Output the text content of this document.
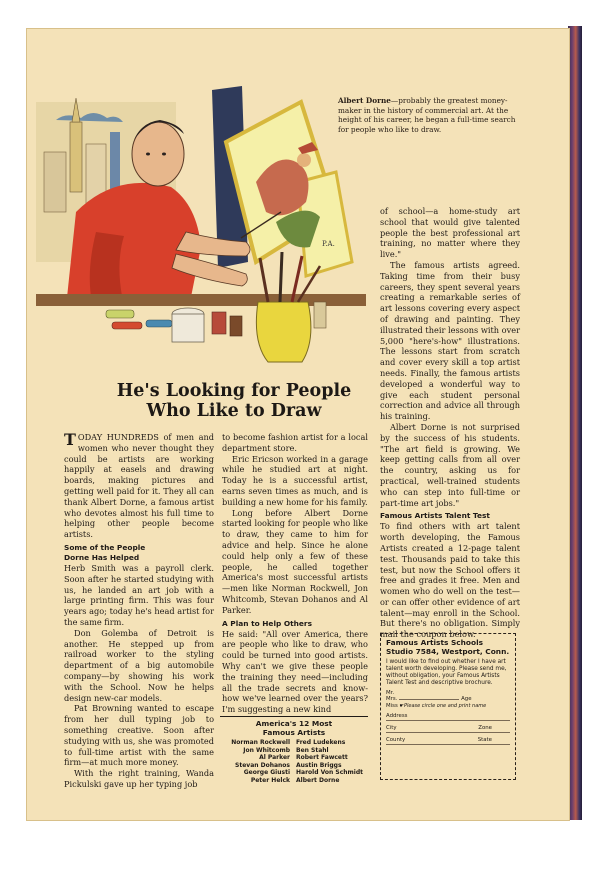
P.A.
Albert Dorne—probably the greatest money-maker in the history of commercial art. At the height of his career, he began a full-time search for people who like to draw.
He's Looking for People
Who Like to Draw

TODAY HUNDREDS of men and women who never thought they could be artists are working happily at easels and drawing boards, making pictures and getting well paid for it. They all can thank Albert Dorne, a famous artist who devotes almost his full time to helping other people become artists.

Some of the People
Dorne Has Helped

Herb Smith was a payroll clerk. Soon after he started studying with us, he landed an art job with a large printing firm. This was four years ago; today he's head artist for the same firm.

Don Golemba of Detroit is another. He stepped up from railroad worker to the styling department of a big automobile company—by showing his work with the School. Now he helps design new-car models.

Pat Browning wanted to escape from her dull typing job to something creative. Soon after studying with us, she was promoted to full-time artist with the same firm—at much more money.

With the right training, Wanda Pickulski gave up her typing job

to become fashion artist for a local department store.

Eric Ericson worked in a garage while he studied art at night. Today he is a successful artist, earns seven times as much, and is building a new home for his family.

Long before Albert Dorne started looking for people who like to draw, they came to him for advice and help. Since he alone could help only a few of these people, he called together America's most successful artists—men like Norman Rockwell, Jon Whitcomb, Stevan Dohanos and Al Parker.

A Plan to Help Others

He said: "All over America, there are people who like to draw, who could be turned into good artists. Why can't we give these people the training they need—including all the trade secrets and know-how we've learned over the years? I'm suggesting a new kind

America's 12 Most
Famous Artists
Norman Rockwell	Fred Ludekens
Jon Whitcomb	Ben Stahl
Al Parker	Robert Fawcett
Stevan Dohanos	Austin Briggs
George Giusti	Harold Von Schmidt
Peter Helck	Albert Dorne

of school—a home-study art school that would give talented people the best professional art training, no matter where they live."

The famous artists agreed. Taking time from their busy careers, they spent several years creating a remarkable series of art lessons covering every aspect of drawing and painting. They illustrated their lessons with over 5,000 "here's-how" illustrations. The lessons start from scratch and cover every skill a top artist needs. Finally, the famous artists developed a wonderful way to give each student personal correction and advice all through his training.

Albert Dorne is not surprised by the success of his students. "The art field is growing. We keep getting calls from all over the country, asking us for practical, well-trained students who can step into full-time or part-time art jobs."

Famous Artists Talent Test

To find others with art talent worth developing, the Famous Artists created a 12-page talent test. Thousands paid to take this test, but now the School offers it free and grades it free. Men and women who do well on the test—or can offer other evidence of art talent—may enroll in the School. But there's no obligation. Simply mail the coupon below.

Famous Artists Schools
Studio 7584, Westport, Conn.
I would like to find out whether I have art talent worth developing. Please send me, without obligation, your Famous Artists Talent Test and descriptive brochure.
Mr.
Mrs.	Age
Miss ☛Please circle one and print name
Address
City	Zone
County	State
